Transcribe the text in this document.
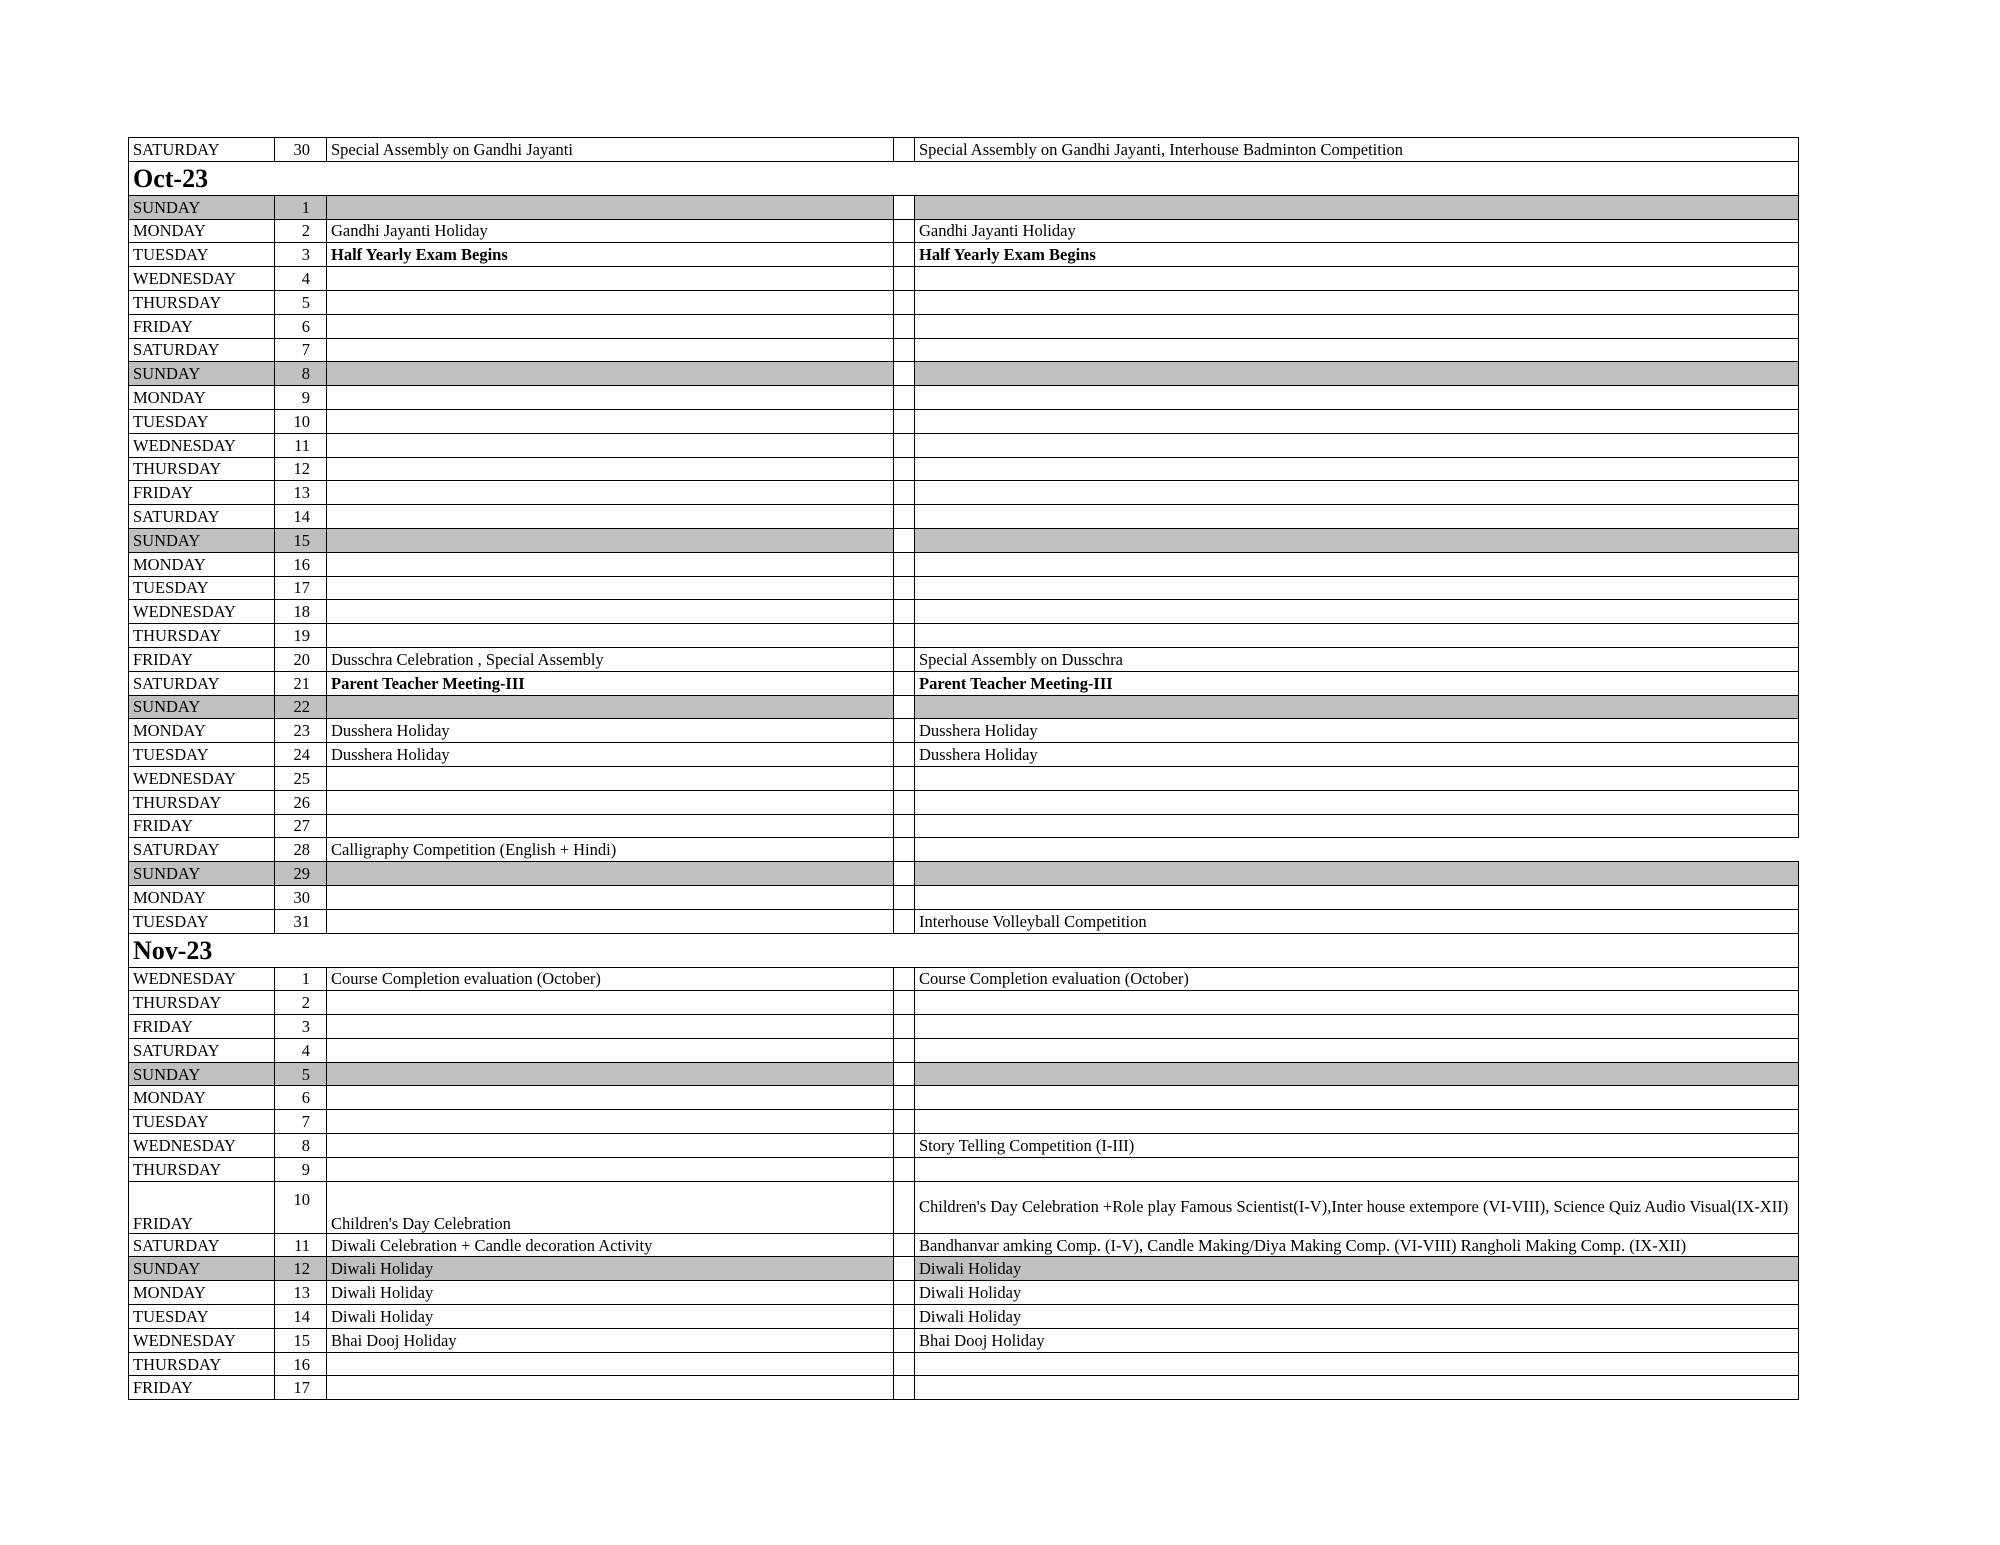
SATURDAY	30	Special Assembly on Gandhi Jayanti		Special Assembly on Gandhi Jayanti, Interhouse Badminton Competition
Oct-23				
SUNDAY	1			
MONDAY	2	Gandhi Jayanti Holiday		Gandhi Jayanti Holiday
TUESDAY	3	Half Yearly Exam Begins		Half Yearly Exam Begins
WEDNESDAY	4			
THURSDAY	5			
FRIDAY	6			
SATURDAY	7			
SUNDAY	8			
MONDAY	9			
TUESDAY	10			
WEDNESDAY	11			
THURSDAY	12			
FRIDAY	13			
SATURDAY	14			
SUNDAY	15			
MONDAY	16			
TUESDAY	17			
WEDNESDAY	18			
THURSDAY	19			
FRIDAY	20	Dusschra Celebration , Special Assembly		Special Assembly on Dusschra
SATURDAY	21	Parent Teacher Meeting-III		Parent Teacher Meeting-III
SUNDAY	22			
MONDAY	23	Dusshera Holiday		Dusshera Holiday
TUESDAY	24	Dusshera Holiday		Dusshera Holiday
WEDNESDAY	25			
THURSDAY	26			
FRIDAY	27			
SATURDAY	28	Calligraphy Competition (English + Hindi)		
SUNDAY	29			
MONDAY	30			
TUESDAY	31			Interhouse Volleyball Competition
Nov-23				
WEDNESDAY	1	Course Completion evaluation (October)		Course Completion evaluation (October)
THURSDAY	2			
FRIDAY	3			
SATURDAY	4			
SUNDAY	5			
MONDAY	6			
TUESDAY	7			
WEDNESDAY	8			Story Telling Competition (I-III)
THURSDAY	9			
FRIDAY	10	Children's Day Celebration		Children's Day Celebration +Role play Famous Scientist(I-V),Inter house extempore (VI-VIII), Science Quiz Audio Visual(IX-XII)
SATURDAY	11	Diwali Celebration + Candle decoration Activity		Bandhanvar amking Comp. (I-V), Candle Making/Diya Making Comp. (VI-VIII) Rangholi Making Comp. (IX-XII)
SUNDAY	12	Diwali Holiday		Diwali Holiday
MONDAY	13	Diwali Holiday		Diwali Holiday
TUESDAY	14	Diwali Holiday		Diwali Holiday
WEDNESDAY	15	Bhai Dooj Holiday		Bhai Dooj Holiday
THURSDAY	16			
FRIDAY	17			
